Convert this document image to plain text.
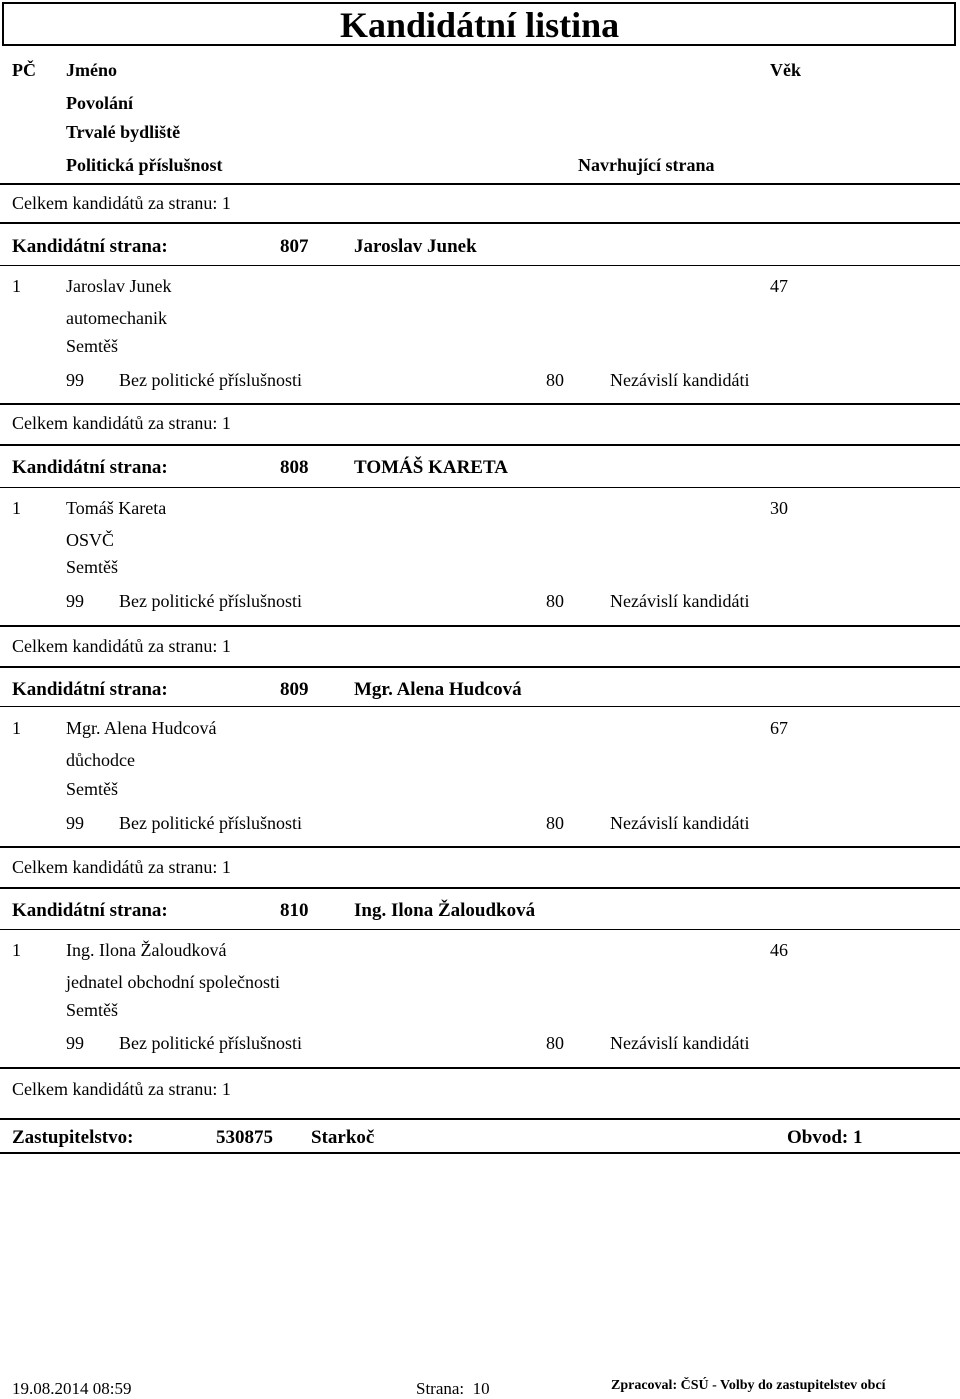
Kandidátní listina
PČ Jméno	Věk
Povolání
Trvalé bydliště
Politická příslušnost	Navrhující strana
Celkem kandidátů za stranu: 1
Kandidátní strana:	807 Jaroslav Junek
1	Jaroslav Junek	47
automechanik
Semtěš
99 Bez politické příslušnosti	80	Nezávislí kandidáti
Celkem kandidátů za stranu: 1
Kandidátní strana:	808 TOMÁŠ KARETA
1	Tomáš Kareta	30
OSVČ
Semtěš
99 Bez politické příslušnosti	80	Nezávislí kandidáti
Celkem kandidátů za stranu: 1
Kandidátní strana:	809 Mgr. Alena Hudcová
1	Mgr. Alena Hudcová	67
důchodce
Semtěš
99 Bez politické příslušnosti	80	Nezávislí kandidáti
Celkem kandidátů za stranu: 1
Kandidátní strana:	810 Ing. Ilona Žaloudková
1	Ing. Ilona Žaloudková	46
jednatel obchodní společnosti
Semtěš
99 Bez politické příslušnosti	80	Nezávislí kandidáti
Celkem kandidátů za stranu: 1
Zastupitelstvo:	530875 Starkoč	Obvod: 1
19.08.2014 08:59	Strana:  10	Zpracoval: ČSÚ - Volby do zastupitelstev obcí
